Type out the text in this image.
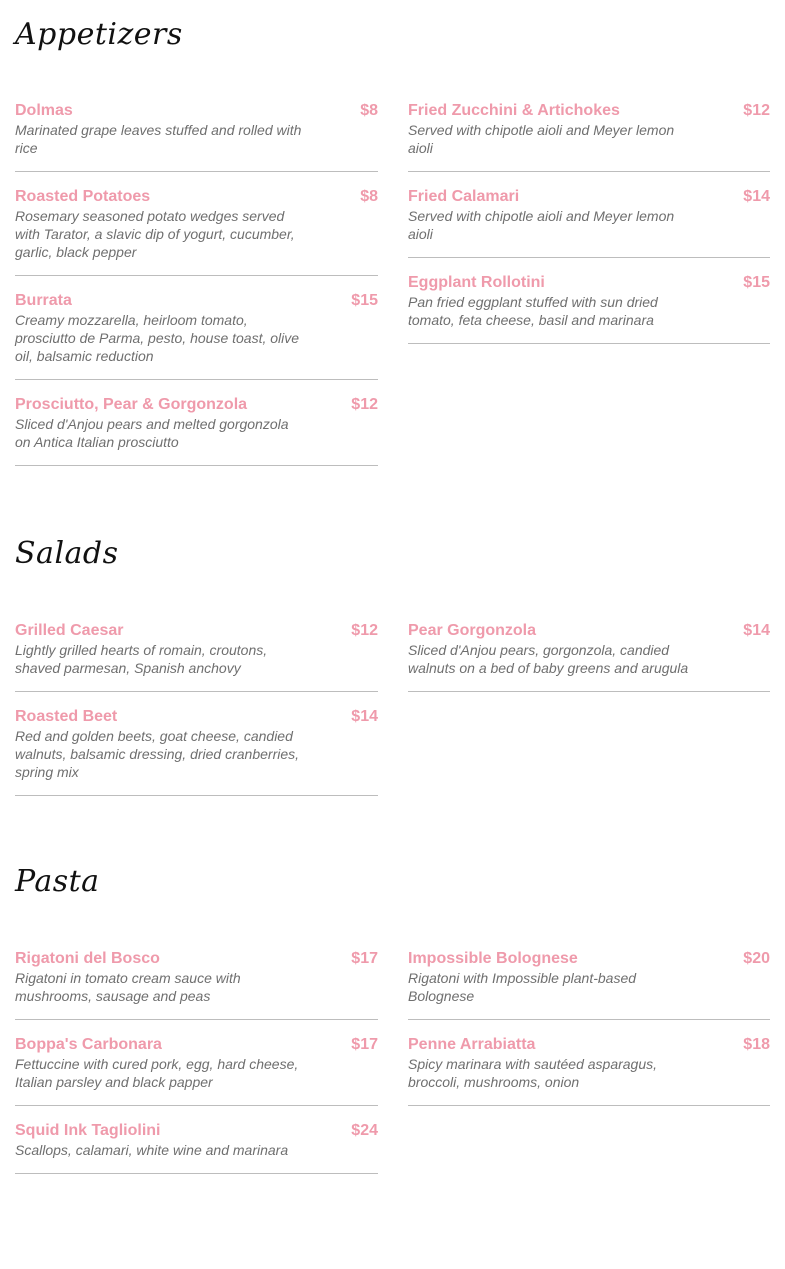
Appetizers
Dolmas	$8
Marinated grape leaves stuffed and rolled with rice
Roasted Potatoes	$8
Rosemary seasoned potato wedges served with Tarator, a slavic dip of yogurt, cucumber, garlic, black pepper
Burrata	$15
Creamy mozzarella, heirloom tomato, prosciutto de Parma, pesto, house toast, olive oil, balsamic reduction
Prosciutto, Pear & Gorgonzola	$12
Sliced d'Anjou pears and melted gorgonzola on Antica Italian prosciutto
Fried Zucchini & Artichokes	$12
Served with chipotle aioli and Meyer lemon aioli
Fried Calamari	$14
Served with chipotle aioli and Meyer lemon aioli
Eggplant Rollotini	$15
Pan fried eggplant stuffed with sun dried tomato, feta cheese, basil and marinara
Salads
Grilled Caesar	$12
Lightly grilled hearts of romain, croutons, shaved parmesan, Spanish anchovy
Roasted Beet	$14
Red and golden beets, goat cheese, candied walnuts, balsamic dressing, dried cranberries, spring mix
Pear Gorgonzola	$14
Sliced d'Anjou pears, gorgonzola, candied walnuts on a bed of baby greens and arugula
Pasta
Rigatoni del Bosco	$17
Rigatoni in tomato cream sauce with mushrooms, sausage and peas
Boppa's Carbonara	$17
Fettuccine with cured pork, egg, hard cheese, Italian parsley and black papper
Squid Ink Tagliolini	$24
Scallops, calamari, white wine and marinara
Impossible Bolognese	$20
Rigatoni with Impossible plant-based Bolognese
Penne Arrabiatta	$18
Spicy marinara with sautéed asparagus, broccoli, mushrooms, onion
